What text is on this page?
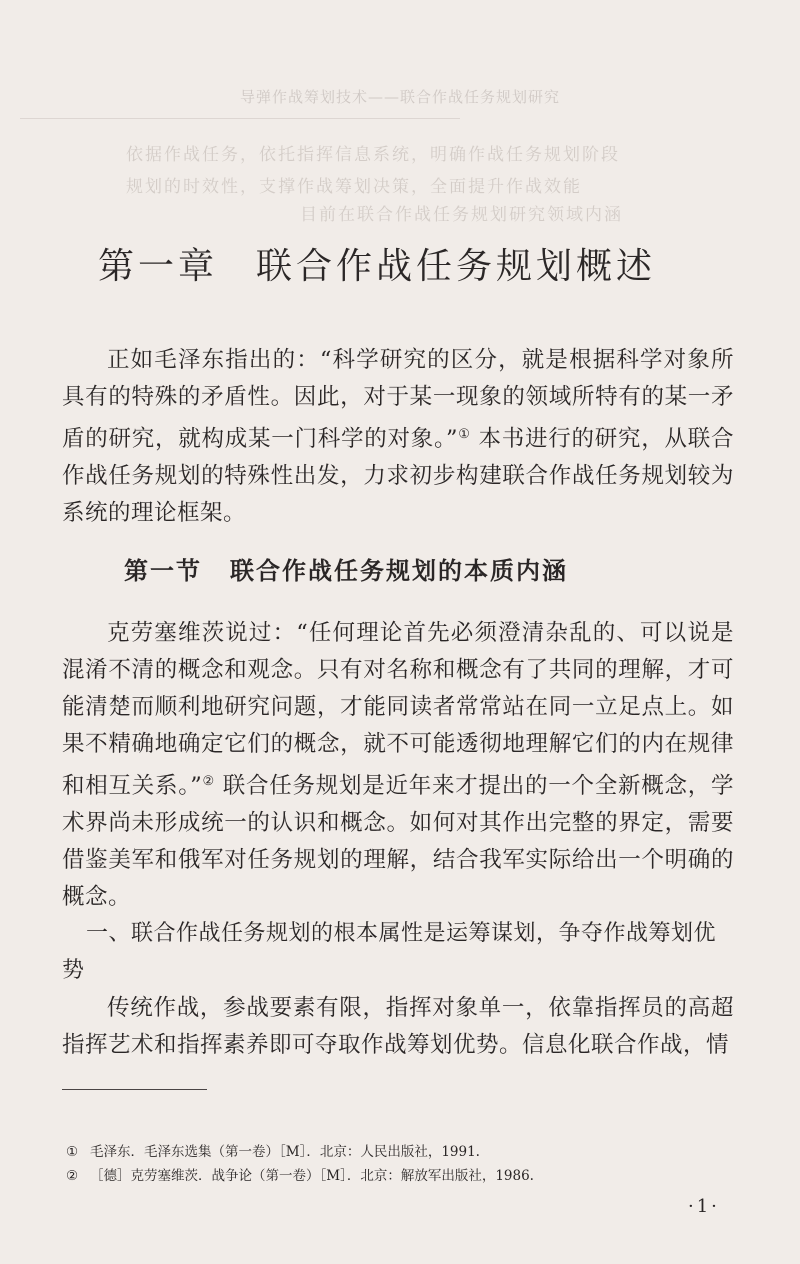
导弹作战筹划技术——联合作战任务规划研究
依据作战任务，依托指挥信息系统，明确作战任务规划阶段
规划的时效性，支撑作战筹划决策，全面提升作战效能
目前在联合作战任务规划研究领域内涵
第一章 联合作战任务规划概述

正如毛泽东指出的：“科学研究的区分，就是根据科学对象所具有的特殊的矛盾性。因此，对于某一现象的领域所特有的某一矛盾的研究，就构成某一门科学的对象。”① 本书进行的研究，从联合作战任务规划的特殊性出发，力求初步构建联合作战任务规划较为系统的理论框架。

第一节 联合作战任务规划的本质内涵

克劳塞维茨说过：“任何理论首先必须澄清杂乱的、可以说是混淆不清的概念和观念。只有对名称和概念有了共同的理解，才可能清楚而顺利地研究问题，才能同读者常常站在同一立足点上。如果不精确地确定它们的概念，就不可能透彻地理解它们的内在规律和相互关系。”② 联合任务规划是近年来才提出的一个全新概念，学术界尚未形成统一的认识和概念。如何对其作出完整的界定，需要借鉴美军和俄军对任务规划的理解，结合我军实际给出一个明确的概念。

一、联合作战任务规划的根本属性是运筹谋划，争夺作战筹划优势

传统作战，参战要素有限，指挥对象单一，依靠指挥员的高超指挥艺术和指挥素养即可夺取作战筹划优势。信息化联合作战，情

① 毛泽东．毛泽东选集（第一卷）［M］．北京：人民出版社，1991.
② ［德］克劳塞维茨．战争论（第一卷）［M］．北京：解放军出版社，1986.
·1·
